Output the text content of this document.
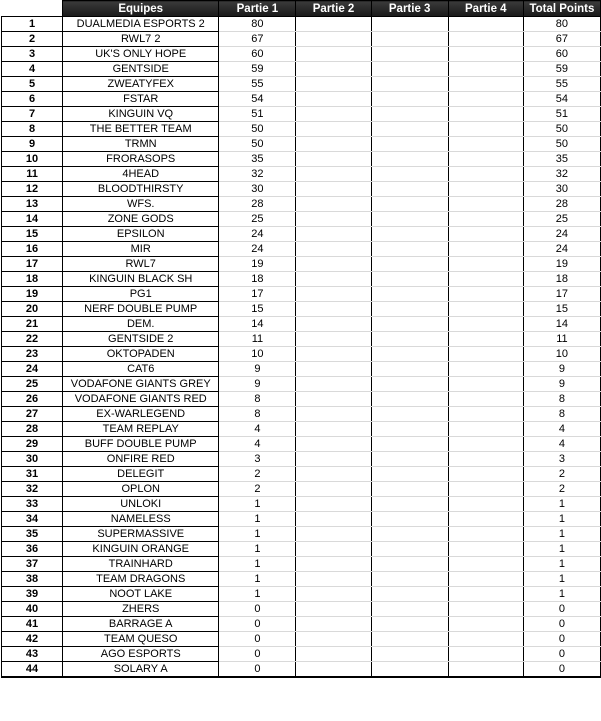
	Equipes	Partie 1	Partie 2	Partie 3	Partie 4	Total Points
1	DUALMEDIA ESPORTS 2	80				80
2	RWL7 2	67				67
3	UK'S ONLY HOPE	60				60
4	GENTSIDE	59				59
5	ZWEATYFEX	55				55
6	FSTAR	54				54
7	KINGUIN VQ	51				51
8	THE BETTER TEAM	50				50
9	TRMN	50				50
10	FRORASOPS	35				35
11	4HEAD	32				32
12	BLOODTHIRSTY	30				30
13	WFS.	28				28
14	ZONE GODS	25				25
15	EPSILON	24				24
16	MIR	24				24
17	RWL7	19				19
18	KINGUIN BLACK SH	18				18
19	PG1	17				17
20	NERF DOUBLE PUMP	15				15
21	DEM.	14				14
22	GENTSIDE 2	11				11
23	OKTOPADEN	10				10
24	CAT6	9				9
25	VODAFONE GIANTS GREY	9				9
26	VODAFONE GIANTS RED	8				8
27	EX-WARLEGEND	8				8
28	TEAM REPLAY	4				4
29	BUFF DOUBLE PUMP	4				4
30	ONFIRE RED	3				3
31	DELEGIT	2				2
32	OPLON	2				2
33	UNLOKI	1				1
34	NAMELESS	1				1
35	SUPERMASSIVE	1				1
36	KINGUIN ORANGE	1				1
37	TRAINHARD	1				1
38	TEAM DRAGONS	1				1
39	NOOT LAKE	1				1
40	ZHERS	0				0
41	BARRAGE A	0				0
42	TEAM QUESO	0				0
43	AGO ESPORTS	0				0
44	SOLARY A	0				0
